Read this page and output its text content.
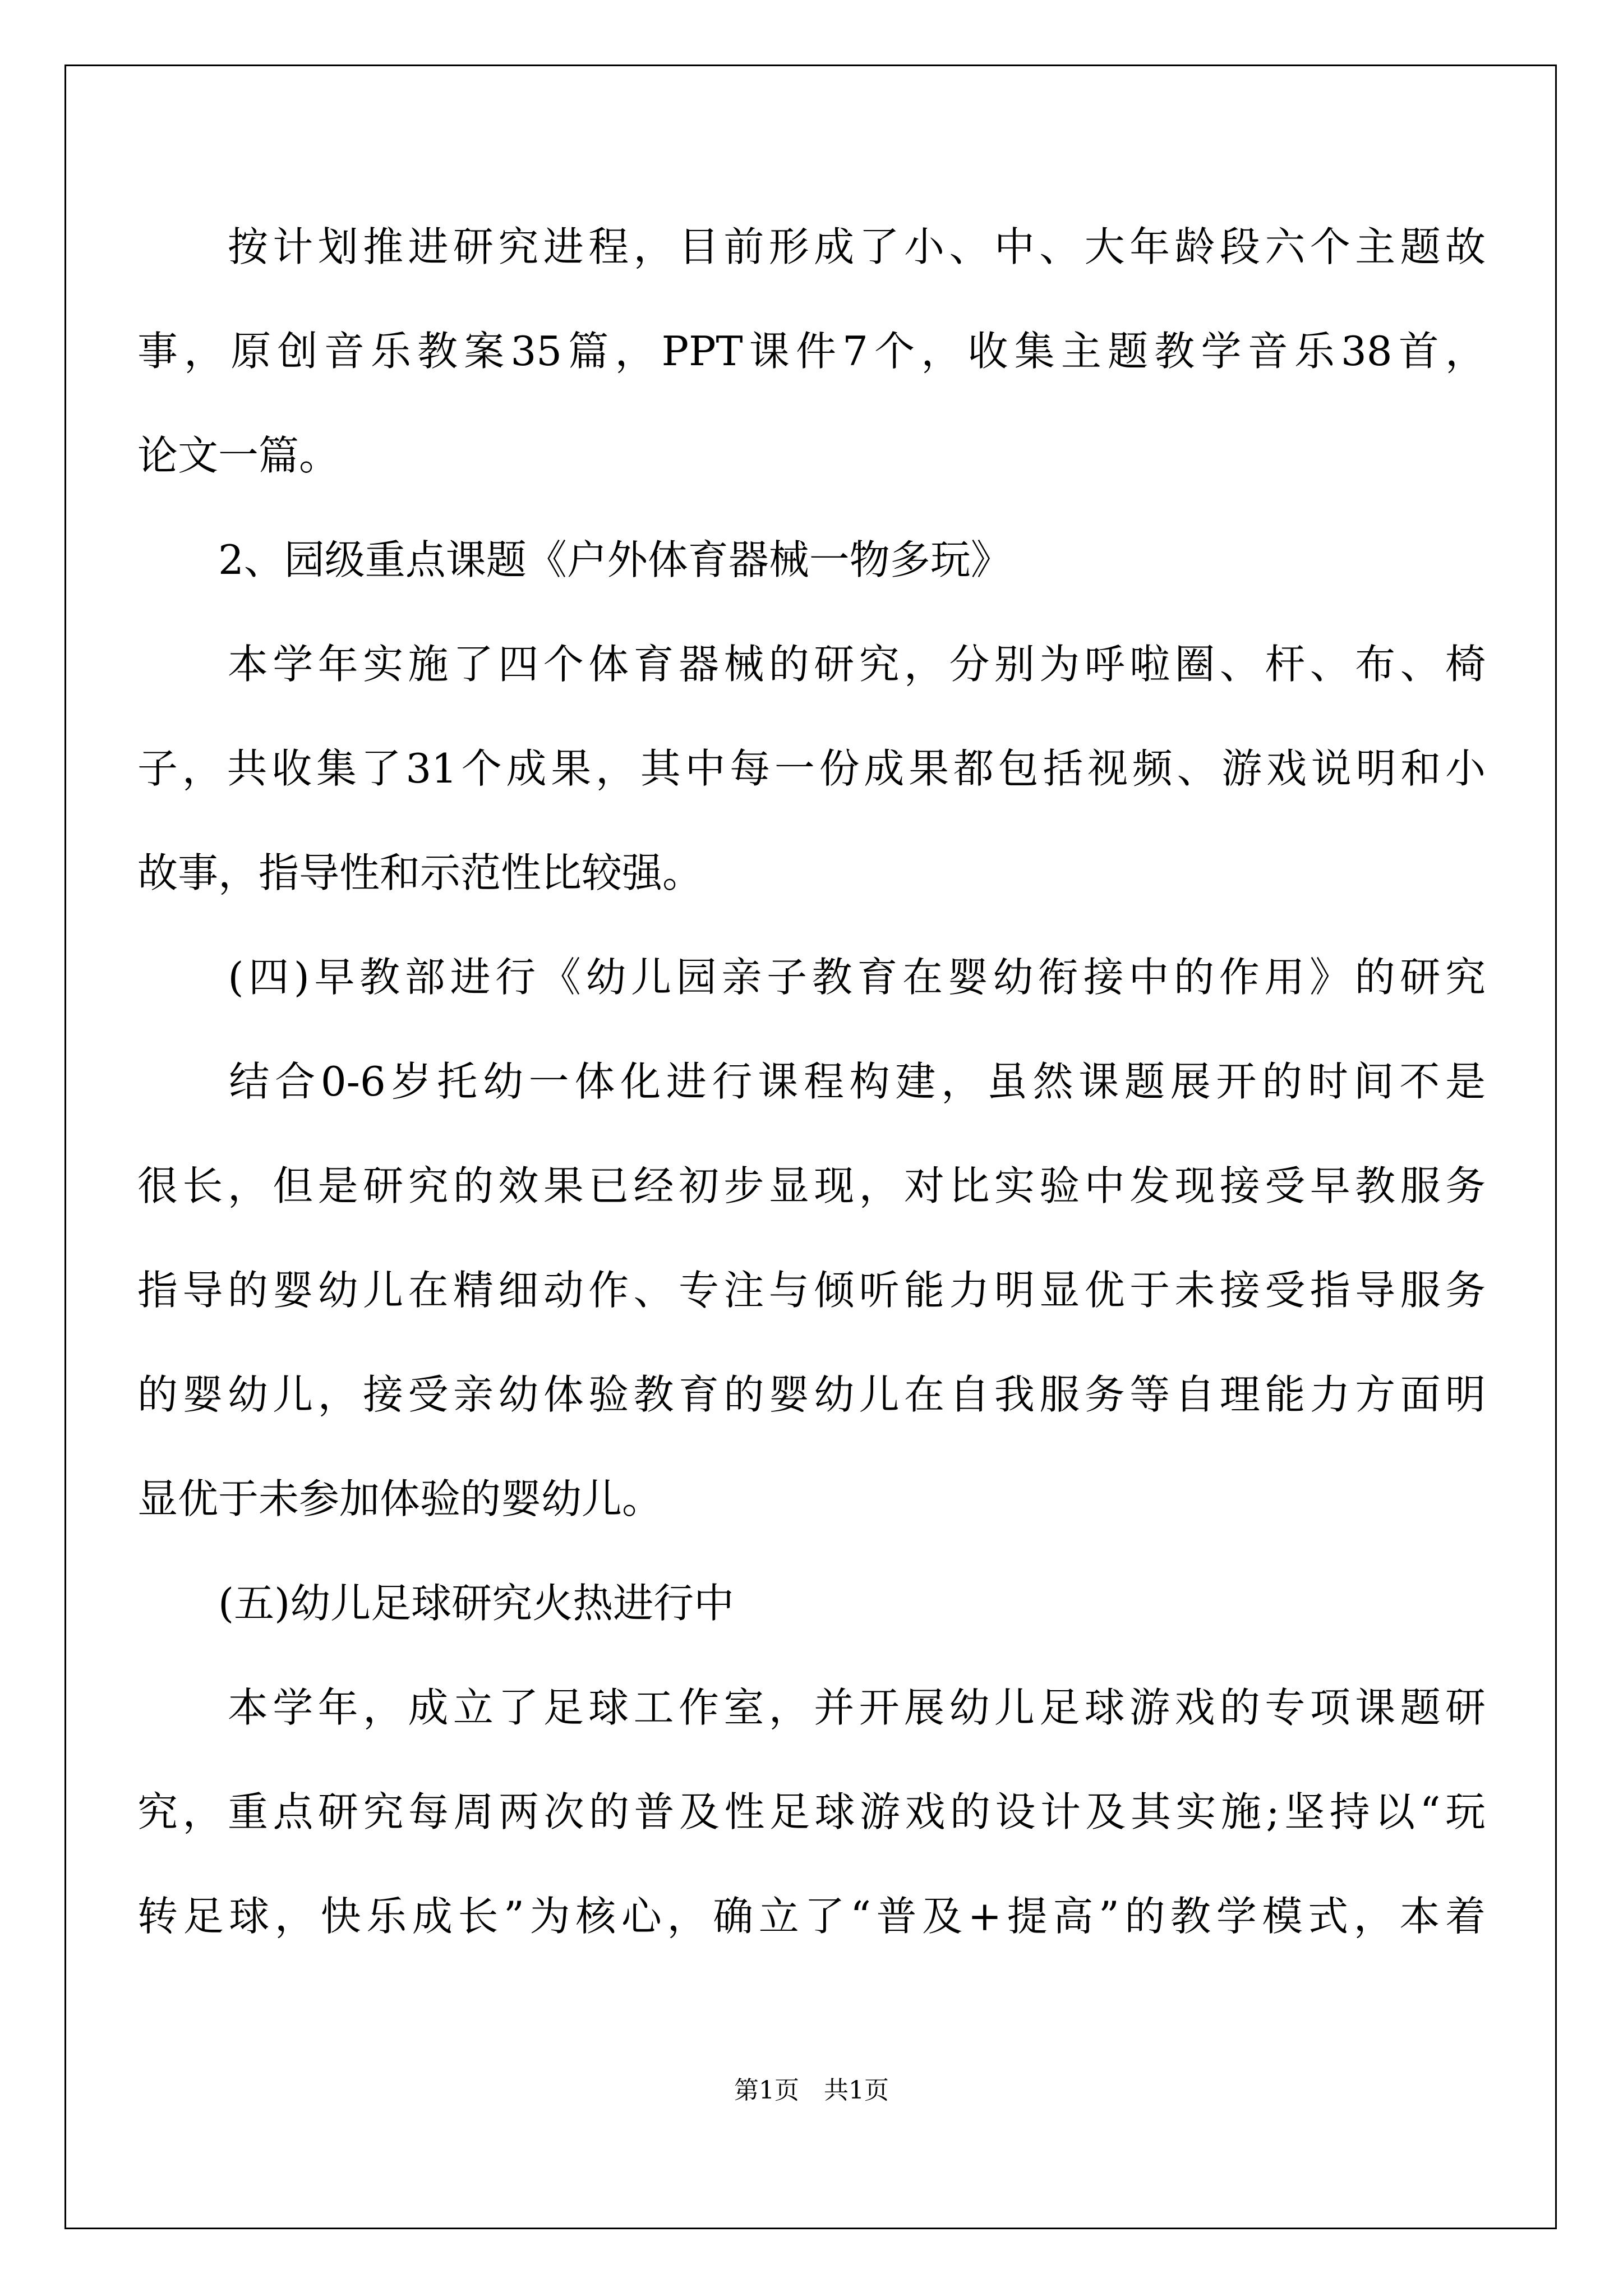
　　按计划推进研究进程，目前形成了小、中、大年龄段六个主题故
事，原创音乐教案35篇，PPT课件7个，收集主题教学音乐38首，
论文一篇。
　　2、园级重点课题《户外体育器械一物多玩》
　　本学年实施了四个体育器械的研究，分别为呼啦圈、杆、布、椅
子，共收集了31个成果，其中每一份成果都包括视频、游戏说明和小
故事，指导性和示范性比较强。
　　(四)早教部进行《幼儿园亲子教育在婴幼衔接中的作用》的研究
　　结合0-6岁托幼一体化进行课程构建，虽然课题展开的时间不是
很长，但是研究的效果已经初步显现，对比实验中发现接受早教服务
指导的婴幼儿在精细动作、专注与倾听能力明显优于未接受指导服务
的婴幼儿，接受亲幼体验教育的婴幼儿在自我服务等自理能力方面明
显优于未参加体验的婴幼儿。
　　(五)幼儿足球研究火热进行中
　　本学年，成立了足球工作室，并开展幼儿足球游戏的专项课题研
究，重点研究每周两次的普及性足球游戏的设计及其实施;坚持以“玩
转足球，快乐成长”为核心，确立了“普及+提高”的教学模式，本着
第1页　共1页
